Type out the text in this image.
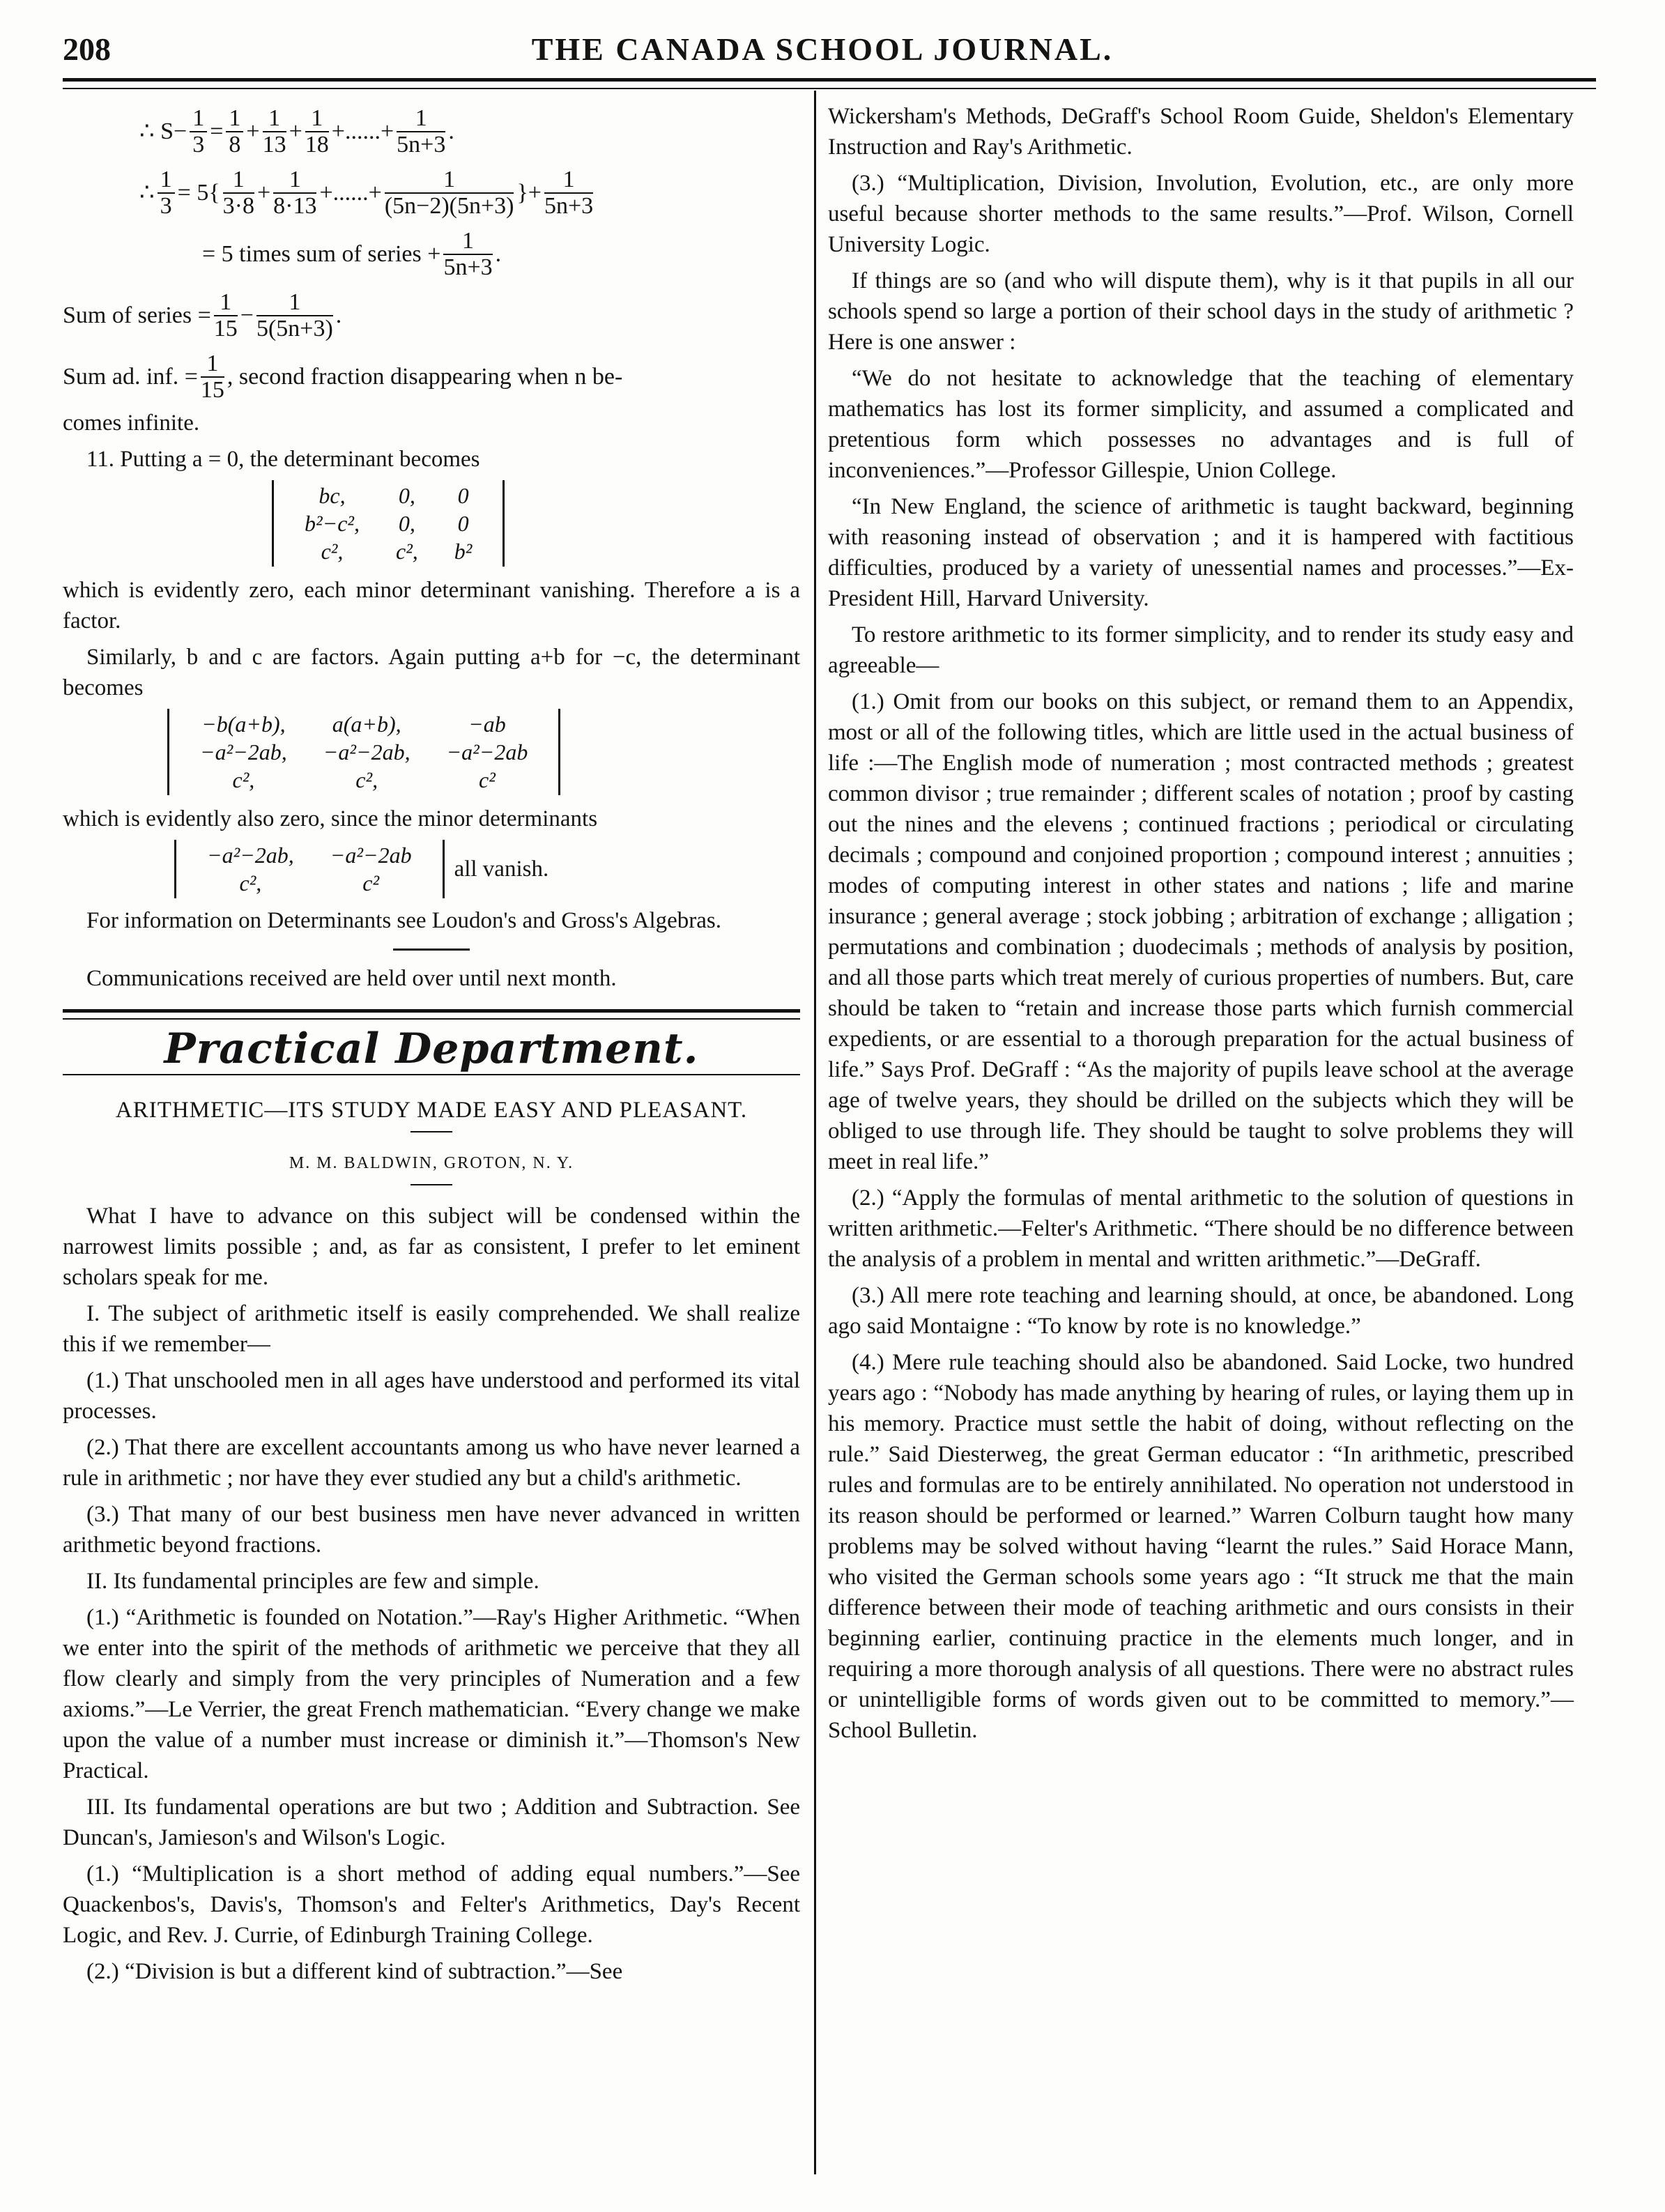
208	THE CANADA SCHOOL JOURNAL.
∴ $S- \frac{1}{3} = \frac{1}{8} + \frac{1}{13} + \frac{1}{18}$ +......+ $\frac{1}{5n+3}$ .
∴ $\frac{1}{3} = 5\{ \frac{1}{3\cdot 8} + \frac{1}{8\cdot 13}$ +......+ $\frac{1}{(5n-2)(5n+3)}$ }+ $\frac{1}{5n+3}$
= 5 times sum of series + $\frac{1}{5n+3}$ .
Sum of series = $\frac{1}{15} - \frac{1}{5(5n+3)}$ .
Sum ad. inf. = $\frac{1}{15}$ , second fraction disappearing when n be-

comes infinite.

11. Putting a = 0, the determinant becomes

bc,	0,	0
b²−c²,	0,	0
c²,	c²,	b²

which is evidently zero, each minor determinant vanishing. Therefore a is a factor.

Similarly, b and c are factors. Again putting a+b for −c, the determinant becomes

−b(a+b),	a(a+b),	−ab
−a²−2ab,	−a²−2ab,	−a²−2ab
c²,	c²,	c²

which is evidently also zero, since the minor determinants

−a²−2ab,	−a²−2ab
c²,	c²
all vanish.

For information on Determinants see Loudon's and Gross's Algebras.

Communications received are held over until next month.

Practical Department.

ARITHMETIC—ITS STUDY MADE EASY AND PLEASANT.

M. M. BALDWIN, GROTON, N. Y.

What I have to advance on this subject will be condensed within the narrowest limits possible ; and, as far as consistent, I prefer to let eminent scholars speak for me.

I. The subject of arithmetic itself is easily comprehended. We shall realize this if we remember—

(1.) That unschooled men in all ages have understood and performed its vital processes.

(2.) That there are excellent accountants among us who have never learned a rule in arithmetic ; nor have they ever studied any but a child's arithmetic.

(3.) That many of our best business men have never advanced in written arithmetic beyond fractions.

II. Its fundamental principles are few and simple.

(1.) “Arithmetic is founded on Notation.”—Ray's Higher Arithmetic. “When we enter into the spirit of the methods of arithmetic we perceive that they all flow clearly and simply from the very principles of Numeration and a few axioms.”—Le Verrier, the great French mathematician. “Every change we make upon the value of a number must increase or diminish it.”—Thomson's New Practical.

III. Its fundamental operations are but two ; Addition and Subtraction. See Duncan's, Jamieson's and Wilson's Logic.

(1.) “Multiplication is a short method of adding equal numbers.”—See Quackenbos's, Davis's, Thomson's and Felter's Arithmetics, Day's Recent Logic, and Rev. J. Currie, of Edinburgh Training College.

(2.) “Division is but a different kind of subtraction.”—See

Wickersham's Methods, DeGraff's School Room Guide, Sheldon's Elementary Instruction and Ray's Arithmetic.

(3.) “Multiplication, Division, Involution, Evolution, etc., are only more useful because shorter methods to the same results.”—Prof. Wilson, Cornell University Logic.

If things are so (and who will dispute them), why is it that pupils in all our schools spend so large a portion of their school days in the study of arithmetic ? Here is one answer :

“We do not hesitate to acknowledge that the teaching of elementary mathematics has lost its former simplicity, and assumed a complicated and pretentious form which possesses no advantages and is full of inconveniences.”—Professor Gillespie, Union College.

“In New England, the science of arithmetic is taught backward, beginning with reasoning instead of observation ; and it is hampered with factitious difficulties, produced by a variety of unessential names and processes.”—Ex-President Hill, Harvard University.

To restore arithmetic to its former simplicity, and to render its study easy and agreeable—

(1.) Omit from our books on this subject, or remand them to an Appendix, most or all of the following titles, which are little used in the actual business of life :—The English mode of numeration ; most contracted methods ; greatest common divisor ; true remainder ; different scales of notation ; proof by casting out the nines and the elevens ; continued fractions ; periodical or circulating decimals ; compound and conjoined proportion ; compound interest ; annuities ; modes of computing interest in other states and nations ; life and marine insurance ; general average ; stock jobbing ; arbitration of exchange ; alligation ; permutations and combination ; duodecimals ; methods of analysis by position, and all those parts which treat merely of curious properties of numbers. But, care should be taken to “retain and increase those parts which furnish commercial expedients, or are essential to a thorough preparation for the actual business of life.” Says Prof. DeGraff : “As the majority of pupils leave school at the average age of twelve years, they should be drilled on the subjects which they will be obliged to use through life. They should be taught to solve problems they will meet in real life.”

(2.) “Apply the formulas of mental arithmetic to the solution of questions in written arithmetic.—Felter's Arithmetic. “There should be no difference between the analysis of a problem in mental and written arithmetic.”—DeGraff.

(3.) All mere rote teaching and learning should, at once, be abandoned. Long ago said Montaigne : “To know by rote is no knowledge.”

(4.) Mere rule teaching should also be abandoned. Said Locke, two hundred years ago : “Nobody has made anything by hearing of rules, or laying them up in his memory. Practice must settle the habit of doing, without reflecting on the rule.” Said Diesterweg, the great German educator : “In arithmetic, prescribed rules and formulas are to be entirely annihilated. No operation not understood in its reason should be performed or learned.” Warren Colburn taught how many problems may be solved without having “learnt the rules.” Said Horace Mann, who visited the German schools some years ago : “It struck me that the main difference between their mode of teaching arithmetic and ours consists in their beginning earlier, continuing practice in the elements much longer, and in requiring a more thorough analysis of all questions. There were no abstract rules or unintelligible forms of words given out to be committed to memory.”—School Bulletin.
